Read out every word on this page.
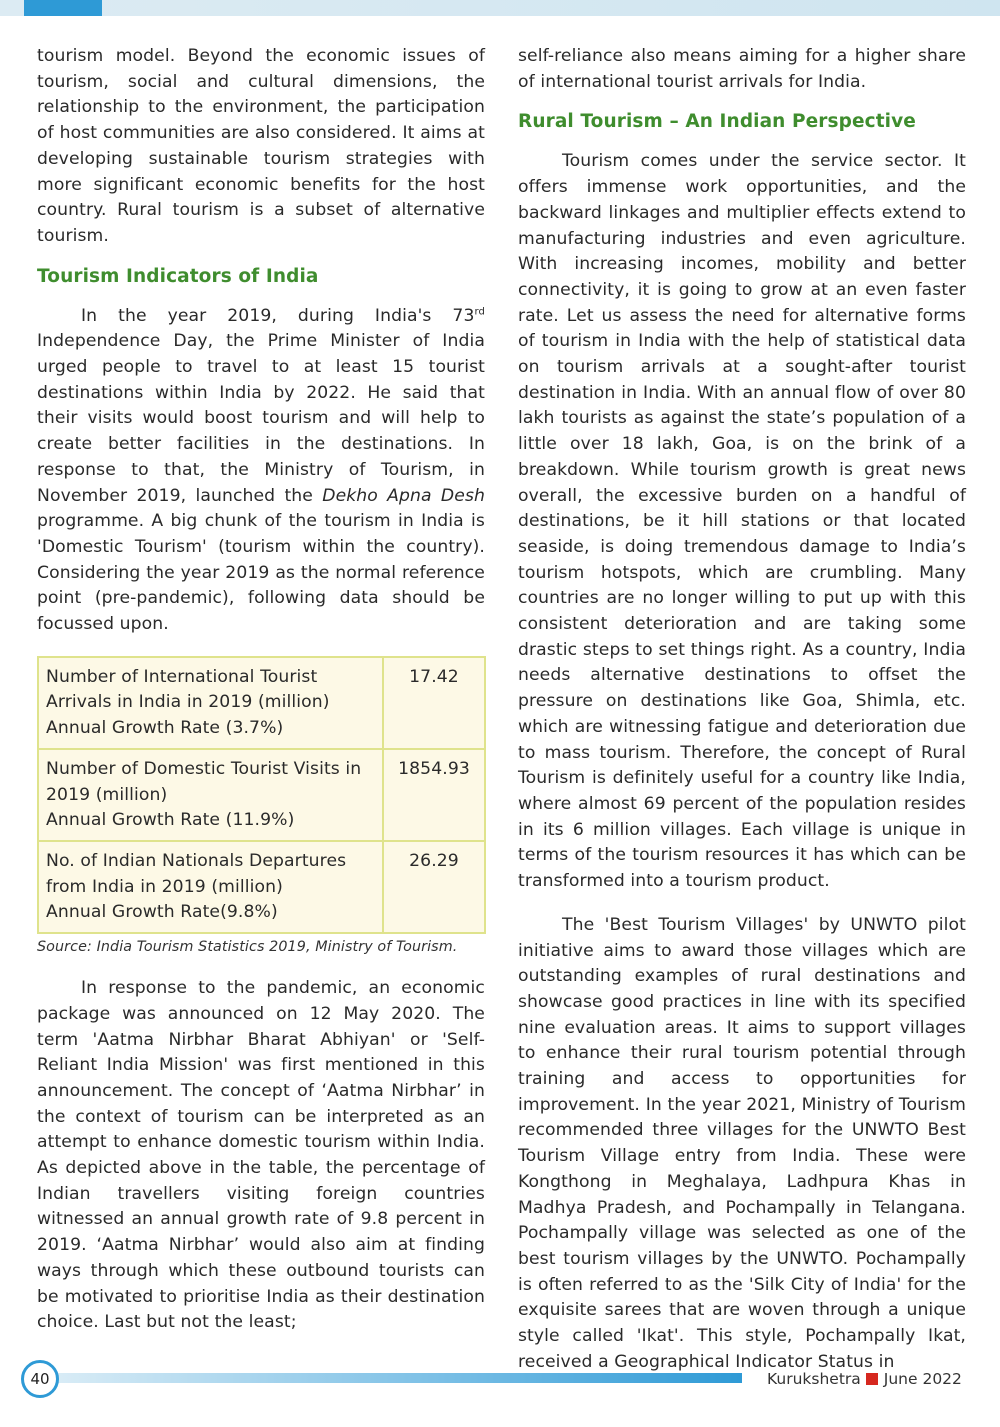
tourism model. Beyond the economic issues of tourism, social and cultural dimensions, the relationship to the environment, the participation of host communities are also considered. It aims at developing sustainable tourism strategies with more significant economic benefits for the host country. Rural tourism is a subset of alternative tourism.

Tourism Indicators of India

In the year 2019, during India's 73rd Independence Day, the Prime Minister of India urged people to travel to at least 15 tourist destinations within India by 2022. He said that their visits would boost tourism and will help to create better facilities in the destinations. In response to that, the Ministry of Tourism, in November 2019, launched the Dekho Apna Desh programme. A big chunk of the tourism in India is 'Domestic Tourism' (tourism within the country). Considering the year 2019 as the normal reference point (pre-pandemic), following data should be focussed upon.

Number of International Tourist Arrivals in India in 2019 (million)
Annual Growth Rate (3.7%)	17.42
Number of Domestic Tourist Visits in 2019 (million)
Annual Growth Rate (11.9%)	1854.93
No. of Indian Nationals Departures from India in 2019 (million)
Annual Growth Rate(9.8%)	26.29
Source: India Tourism Statistics 2019, Ministry of Tourism.

In response to the pandemic, an economic package was announced on 12 May 2020. The term 'Aatma Nirbhar Bharat Abhiyan' or 'Self-Reliant India Mission' was first mentioned in this announcement. The concept of ‘Aatma Nirbhar’ in the context of tourism can be interpreted as an attempt to enhance domestic tourism within India. As depicted above in the table, the percentage of Indian travellers visiting foreign countries witnessed an annual growth rate of 9.8 percent in 2019. ‘Aatma Nirbhar’ would also aim at finding ways through which these outbound tourists can be motivated to prioritise India as their destination choice. Last but not the least;

self-reliance also means aiming for a higher share of international tourist arrivals for India.

Rural Tourism – An Indian Perspective

Tourism comes under the service sector. It offers immense work opportunities, and the backward linkages and multiplier effects extend to manufacturing industries and even agriculture. With increasing incomes, mobility and better connectivity, it is going to grow at an even faster rate. Let us assess the need for alternative forms of tourism in India with the help of statistical data on tourism arrivals at a sought-after tourist destination in India. With an annual flow of over 80 lakh tourists as against the state’s population of a little over 18 lakh, Goa, is on the brink of a breakdown. While tourism growth is great news overall, the excessive burden on a handful of destinations, be it hill stations or that located seaside, is doing tremendous damage to India’s tourism hotspots, which are crumbling. Many countries are no longer willing to put up with this consistent deterioration and are taking some drastic steps to set things right. As a country, India needs alternative destinations to offset the pressure on destinations like Goa, Shimla, etc. which are witnessing fatigue and deterioration due to mass tourism. Therefore, the concept of Rural Tourism is definitely useful for a country like India, where almost 69 percent of the population resides in its 6 million villages. Each village is unique in terms of the tourism resources it has which can be transformed into a tourism product.

The 'Best Tourism Villages' by UNWTO pilot initiative aims to award those villages which are outstanding examples of rural destinations and showcase good practices in line with its specified nine evaluation areas. It aims to support villages to enhance their rural tourism potential through training and access to opportunities for improvement. In the year 2021, Ministry of Tourism recommended three villages for the UNWTO Best Tourism Village entry from India. These were Kongthong in Meghalaya, Ladhpura Khas in Madhya Pradesh, and Pochampally in Telangana. Pochampally village was selected as one of the best tourism villages by the UNWTO. Pochampally is often referred to as the 'Silk City of India' for the exquisite sarees that are woven through a unique style called 'Ikat'. This style, Pochampally Ikat, received a Geographical Indicator Status in

40	Kurukshetra June 2022
